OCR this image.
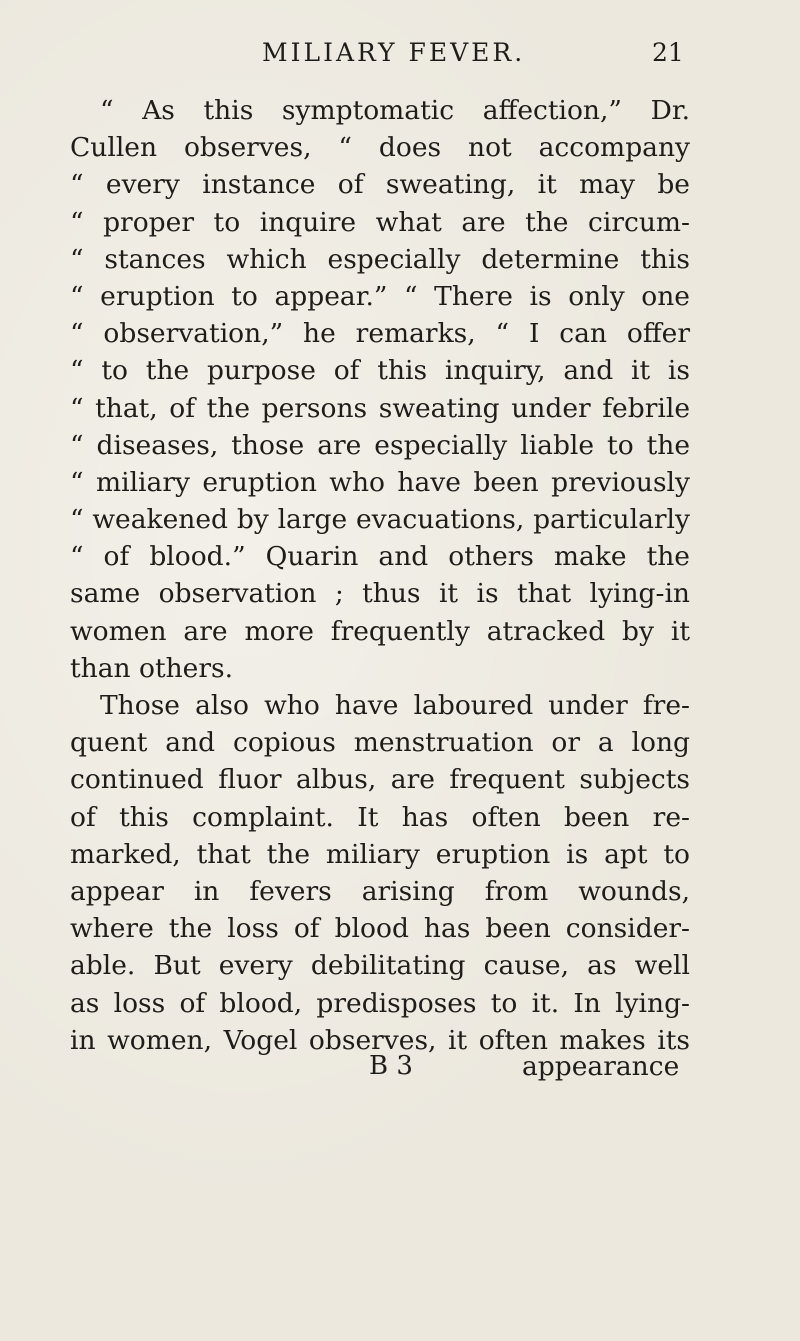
MILIARY FEVER.	21
“ As this symptomatic affection,” Dr.
Cullen observes, “ does not accompany
“ every instance of sweating, it may be
“ proper to inquire what are the circum-
“ stances which especially determine this
“ eruption to appear.” “ There is only one
“ observation,” he remarks, “ I can offer
“ to the purpose of this inquiry, and it is
“ that, of the persons sweating under febrile
“ diseases, those are especially liable to the
“ miliary eruption who have been previously
“ weakened by large evacuations, particularly
“ of blood.” Quarin and others make the
same observation ; thus it is that lying-in
women are more frequently atracked by it
than others.
Those also who have laboured under fre-
quent and copious menstruation or a long
continued fluor albus, are frequent subjects
of this complaint. It has often been re-
marked, that the miliary eruption is apt to
appear in fevers arising from wounds,
where the loss of blood has been consider-
able. But every debilitating cause, as well
as loss of blood, predisposes to it. In lying-
in women, Vogel observes, it often makes its
B 3	appearance
